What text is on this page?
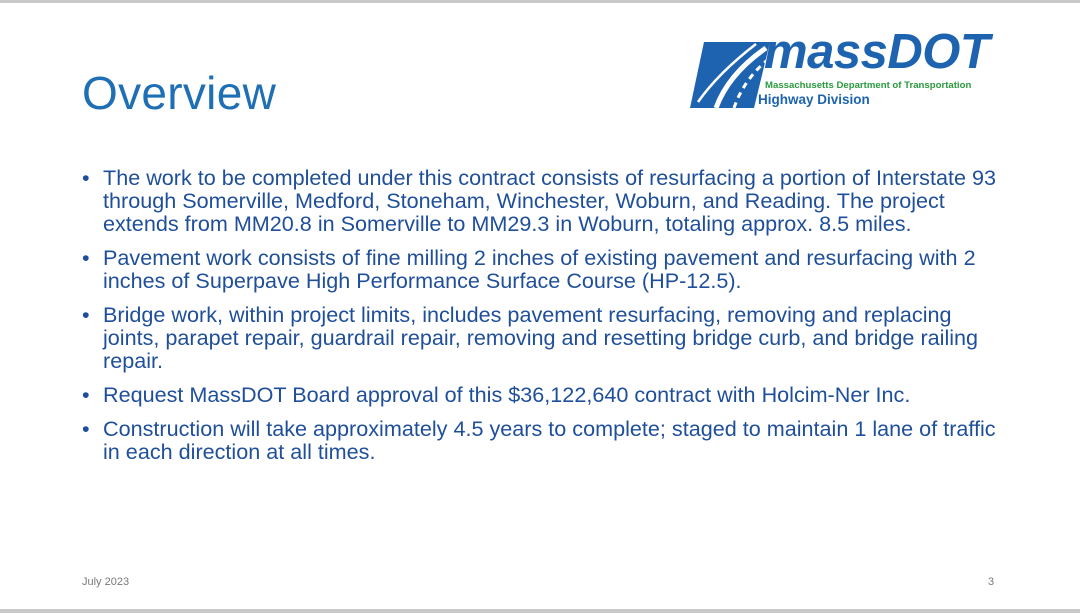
Overview
massDOT
Massachusetts Department of Transportation
Highway Division
• The work to be completed under this contract consists of resurfacing a portion of Interstate 93 through Somerville, Medford, Stoneham, Winchester, Woburn, and Reading. The project extends from MM20.8 in Somerville to MM29.3 in Woburn, totaling approx. 8.5 miles.
• Pavement work consists of fine milling 2 inches of existing pavement and resurfacing with 2 inches of Superpave High Performance Surface Course (HP-12.5).
• Bridge work, within project limits, includes pavement resurfacing, removing and replacing joints, parapet repair, guardrail repair, removing and resetting bridge curb, and bridge railing repair.
• Request MassDOT Board approval of this $36,122,640 contract with Holcim-Ner Inc.
• Construction will take approximately 4.5 years to complete; staged to maintain 1 lane of traffic in each direction at all times.
July 2023	3
